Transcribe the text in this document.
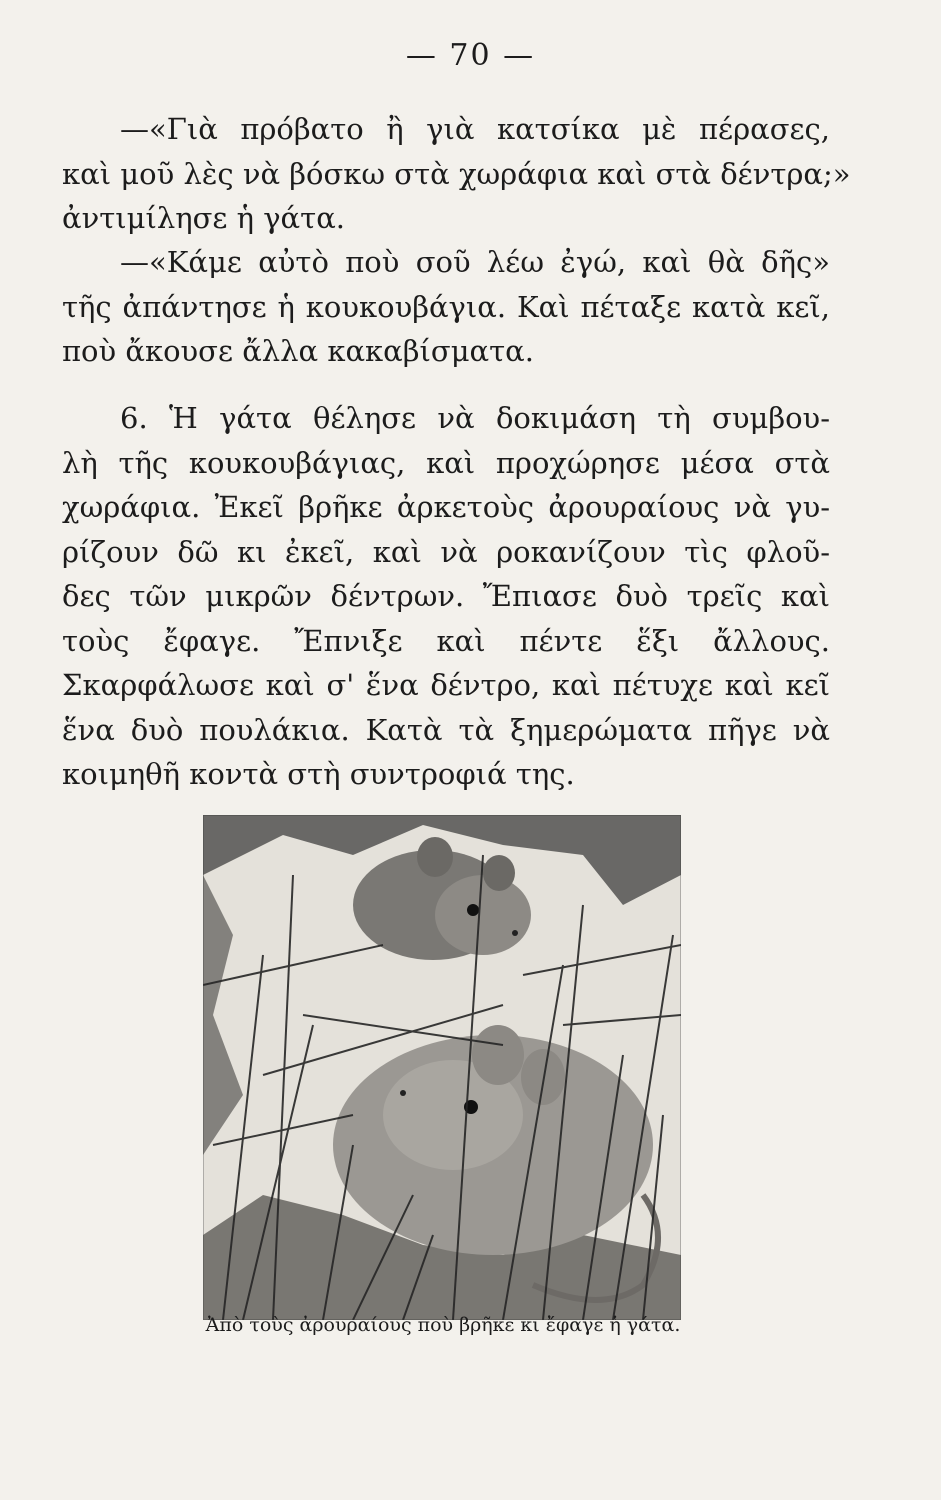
— 70 —
—«Γιὰ πρόβατο ἢ γιὰ κατσίκα μὲ πέρασες,
καὶ μοῦ λὲς νὰ βόσκω στὰ χωράφια καὶ στὰ δέντρα;»
ἀντιμίλησε ἡ γάτα.
—«Κάμε αὐτὸ ποὺ σοῦ λέω ἐγώ, καὶ θὰ δῆς»
τῆς ἀπάντησε ἡ κουκουβάγια. Καὶ πέταξε κατὰ κεῖ,
ποὺ ἄκουσε ἄλλα κακαβίσματα.
6. Ἡ γάτα θέλησε νὰ δοκιμάση τὴ συμβου-
λὴ τῆς κουκουβάγιας, καὶ προχώρησε μέσα στὰ
χωράφια. Ἐκεῖ βρῆκε ἀρκετοὺς ἀρουραίους νὰ γυ-
ρίζουν δῶ κι ἐκεῖ, καὶ νὰ ροκανίζουν τὶς φλοῦ-
δες τῶν μικρῶν δέντρων. Ἔπιασε δυὸ τρεῖς καὶ
τοὺς ἔφαγε. Ἔπνιξε καὶ πέντε ἕξι ἄλλους.
Σκαρφάλωσε καὶ σ' ἕνα δέντρο, καὶ πέτυχε καὶ κεῖ
ἕνα δυὸ πουλάκια. Κατὰ τὰ ξημερώματα πῆγε νὰ
κοιμηθῆ κοντὰ στὴ συντροφιά της.
Ἀπὸ τοὺς ἀρουραίους ποὺ βρῆκε κι ἔφαγε ἡ γάτα.
